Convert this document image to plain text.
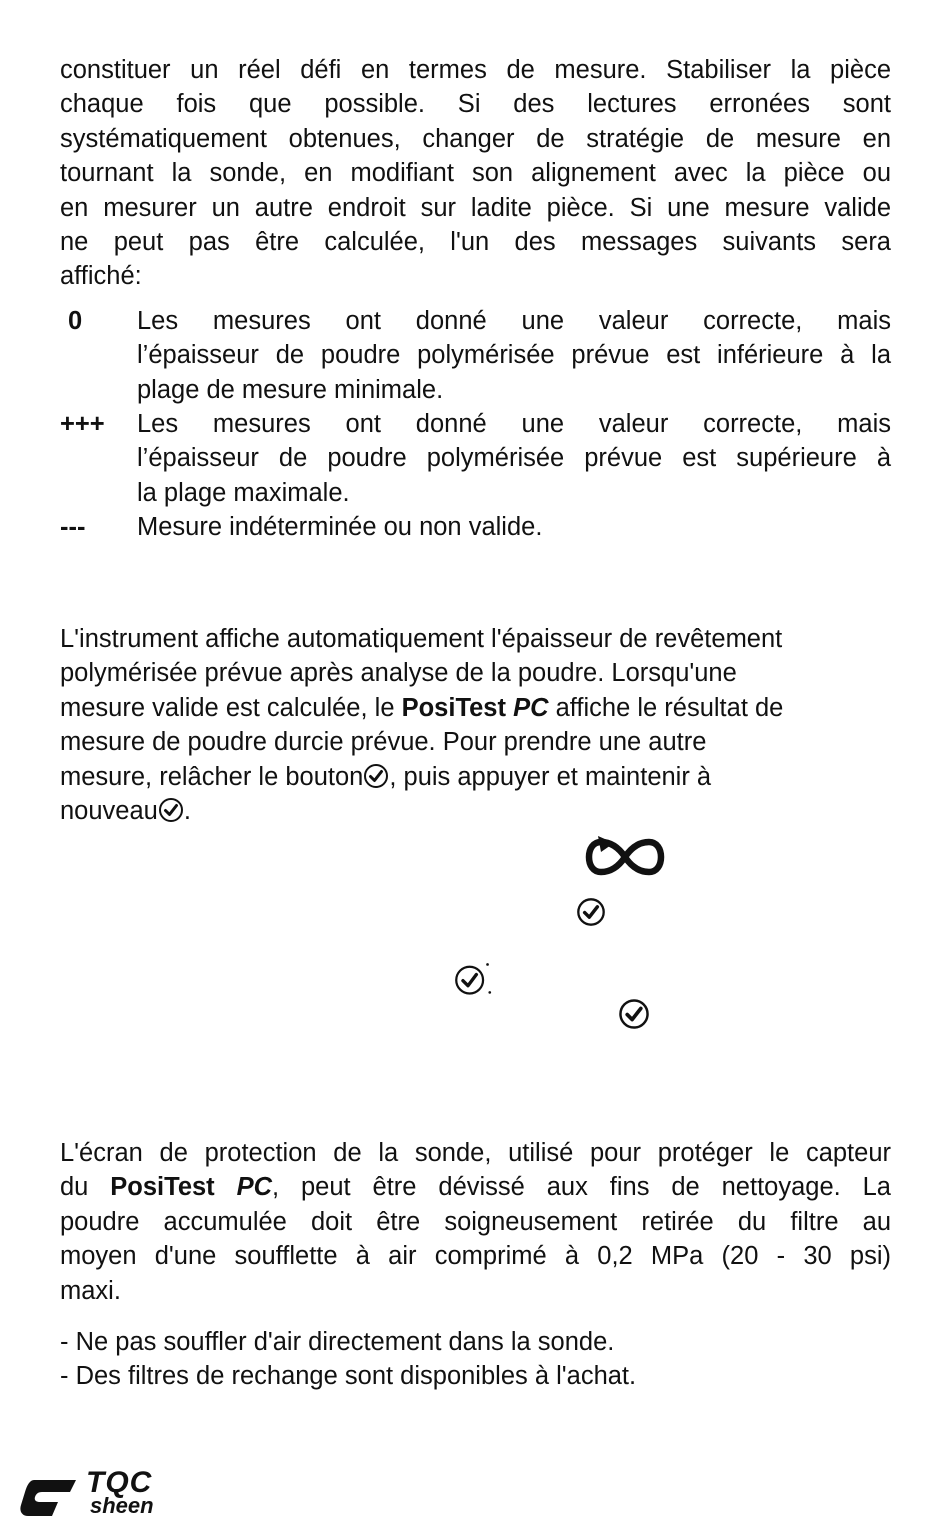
constituer un réel défi en termes de mesure. Stabiliser la pièce
chaque fois que possible. Si des lectures erronées sont
systématiquement obtenues, changer de stratégie de mesure en
tournant la sonde, en modifiant son alignement avec la pièce ou
en mesurer un autre endroit sur ladite pièce. Si une mesure valide
ne peut pas être calculée, l'un des messages suivants sera
affiché:
0 Les mesures ont donné une valeur correcte, mais
l’épaisseur de poudre polymérisée prévue est inférieure à la
plage de mesure minimale.
+++ Les mesures ont donné une valeur correcte, mais
l’épaisseur de poudre polymérisée prévue est supérieure à
la plage maximale.
--- Mesure indéterminée ou non valide.
L'instrument affiche automatiquement l'épaisseur de revêtement
polymérisée prévue après analyse de la poudre. Lorsqu'une
mesure valide est calculée, le PosiTest PC affiche le résultat de
mesure de poudre durcie prévue. Pour prendre une autre
mesure, relâcher le bouton , puis appuyer et maintenir à
nouveau .
L'écran de protection de la sonde, utilisé pour protéger le capteur
du PosiTest PC, peut être dévissé aux fins de nettoyage. La
poudre accumulée doit être soigneusement retirée du filtre au
moyen d'une soufflette à air comprimé à 0,2 MPa (20 - 30 psi)
maxi.
- Ne pas souffler d'air directement dans la sonde.
- Des filtres de rechange sont disponibles à l'achat.
TQC
sheen
